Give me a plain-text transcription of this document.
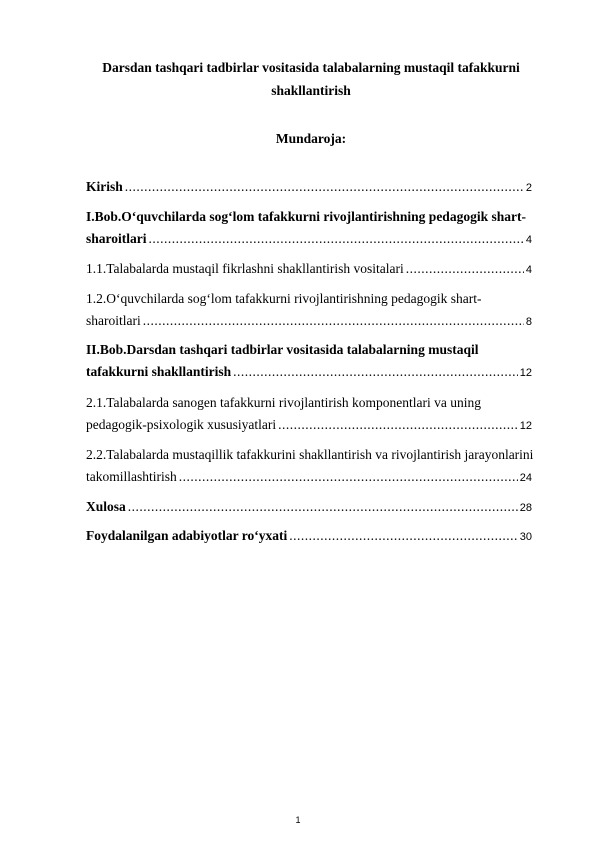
Darsdan tashqari tadbirlar vositasida talabalarning mustaqil tafakkurni
shakllantirish
Mundaroja:
Kirish .....	2
I.Bob.O‘quvchilarda sog‘lom tafakkurni rivojlantirishning pedagogik shart-
sharoitlari .....	4
1.1.Talabalarda mustaqil fikrlashni shakllantirish vositalari .....	4
1.2.O‘quvchilarda sog‘lom tafakkurni rivojlantirishning pedagogik shart-
sharoitlari .....	8
II.Bob.Darsdan tashqari tadbirlar vositasida talabalarning mustaqil
tafakkurni shakllantirish .....	12
2.1.Talabalarda sanogen tafakkurni rivojlantirish komponentlari va uning
pedagogik-psixologik xususiyatlari .....	12
2.2.Talabalarda mustaqillik tafakkurini shakllantirish va rivojlantirish jarayonlarini
takomillashtirish .....	24
Xulosa .....	28
Foydalanilgan adabiyotlar ro‘yxati .....	30
1
